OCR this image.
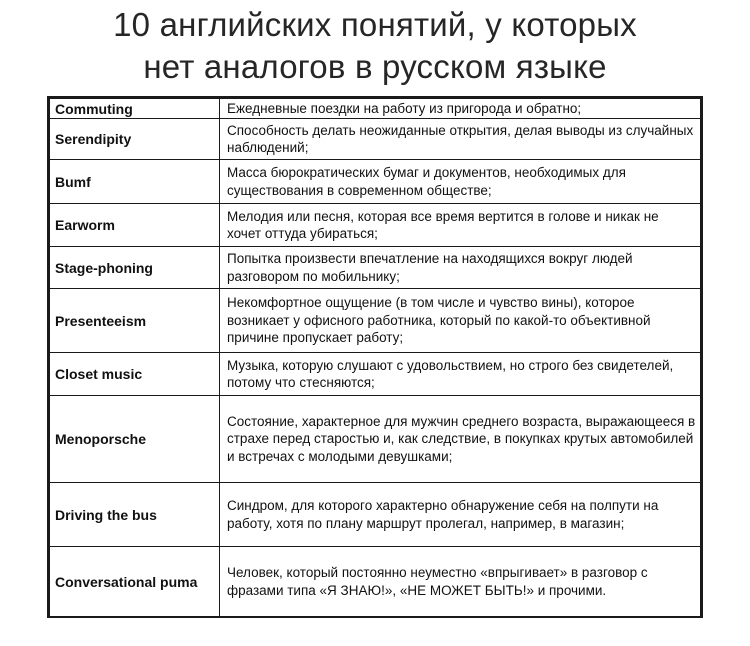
10 английских понятий, у которых
нет аналогов в русском языке
Commuting	Ежедневные поездки на работу из пригорода и обратно;
Serendipity	Способность делать неожиданные открытия, делая выводы из случайных наблюдений;
Bumf	Масса бюрократических бумаг и документов, необходимых для существования в современном обществе;
Earworm	Мелодия или песня, которая все время вертится в голове и никак не хочет оттуда убираться;
Stage-phoning	Попытка произвести впечатление на находящихся вокруг людей разговором по мобильнику;
Presenteeism	Некомфортное ощущение (в том числе и чувство вины), которое возникает у офисного работника, который по какой-то объективной причине пропускает работу;
Closet music	Музыка, которую слушают с удовольствием, но строго без свидетелей, потому что стесняются;
Menoporsche	Состояние, характерное для мужчин среднего возраста, выражающееся в страхе перед старостью и, как следствие, в покупках крутых автомобилей и встречах с молодыми девушками;
Driving the bus	Синдром, для которого характерно обнаружение себя на полпути на работу, хотя по плану маршрут пролегал, например, в магазин;
Conversational puma	Человек, который постоянно неуместно «впрыгивает» в разговор с фразами типа «Я ЗНАЮ!», «НЕ МОЖЕТ БЫТЬ!» и прочими.
